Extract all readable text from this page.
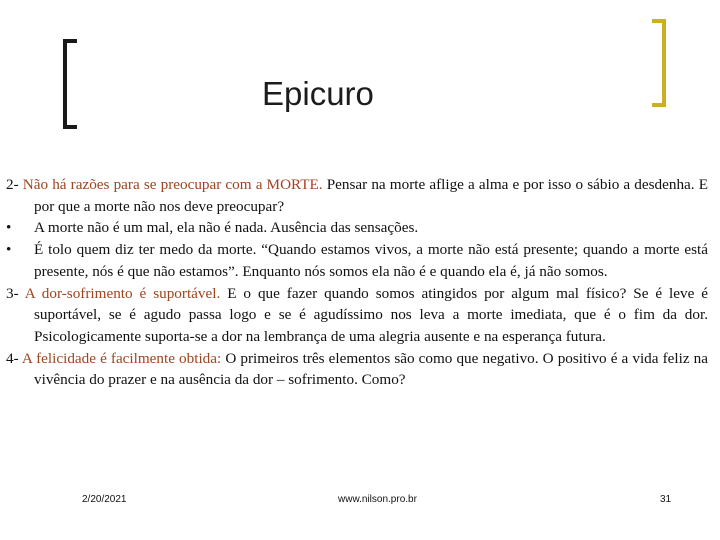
Epicuro

2- Não há razões para se preocupar com a MORTE. Pensar na morte aflige a alma e por isso o sábio a desdenha. E por que a morte não nos deve preocupar?

•	A morte não é um mal, ela não é nada. Ausência das sensações.

•	É tolo quem diz ter medo da morte. “Quando estamos vivos, a morte não está presente; quando a morte está presente, nós é que não estamos”. Enquanto nós somos ela não é e quando ela é, já não somos.

3- A dor-sofrimento é suportável. E o que fazer quando somos atingidos por algum mal físico? Se é leve é suportável, se é agudo passa logo e se é agudíssimo nos leva a morte imediata, que é o fim da dor. Psicologicamente suporta-se a dor na lembrança de uma alegria ausente e na esperança futura.

4- A felicidade é facilmente obtida: O primeiros três elementos são como que negativo. O positivo é a vida feliz na vivência do prazer e na ausência da dor – sofrimento. Como?

2/20/2021	www.nilson.pro.br	31
